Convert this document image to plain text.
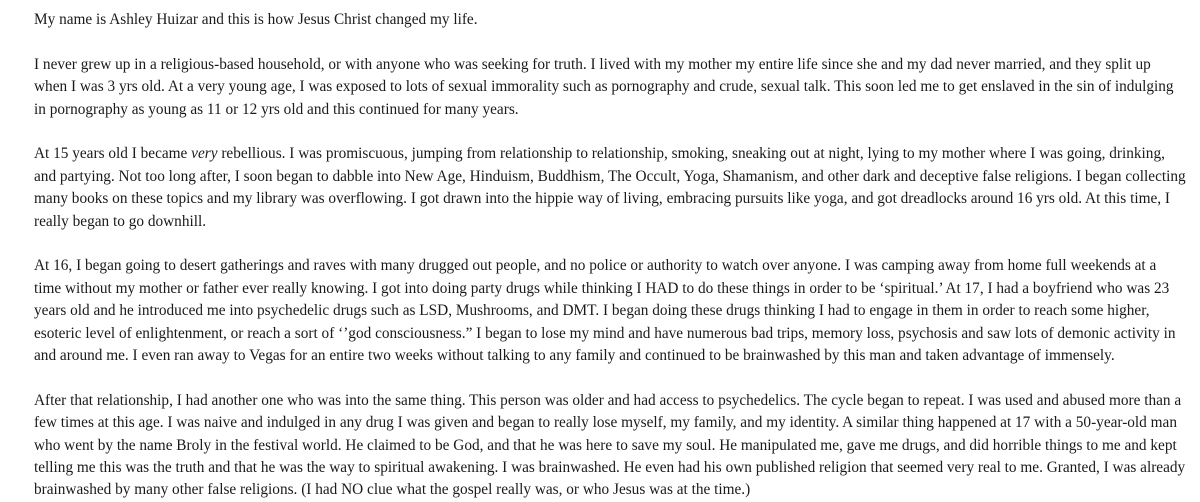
My name is Ashley Huizar and this is how Jesus Christ changed my life.

I never grew up in a religious-based household, or with anyone who was seeking for truth. I lived with my mother my entire life since she and my dad never married, and they split up when I was 3 yrs old. At a very young age, I was exposed to lots of sexual immorality such as pornography and crude, sexual talk. This soon led me to get enslaved in the sin of indulging in pornography as young as 11 or 12 yrs old and this continued for many years.

At 15 years old I became very rebellious. I was promiscuous, jumping from relationship to relationship, smoking, sneaking out at night, lying to my mother where I was going, drinking, and partying. Not too long after, I soon began to dabble into New Age, Hinduism, Buddhism, The Occult, Yoga, Shamanism, and other dark and deceptive false religions. I began collecting many books on these topics and my library was overflowing. I got drawn into the hippie way of living, embracing pursuits like yoga, and got dreadlocks around 16 yrs old. At this time, I really began to go downhill.

At 16, I began going to desert gatherings and raves with many drugged out people, and no police or authority to watch over anyone. I was camping away from home full weekends at a time without my mother or father ever really knowing. I got into doing party drugs while thinking I HAD to do these things in order to be ‘spiritual.’ At 17, I had a boyfriend who was 23 years old and he introduced me into psychedelic drugs such as LSD, Mushrooms, and DMT. I began doing these drugs thinking I had to engage in them in order to reach some higher, esoteric level of enlightenment, or reach a sort of ‘’god consciousness.” I began to lose my mind and have numerous bad trips, memory loss, psychosis and saw lots of demonic activity in and around me. I even ran away to Vegas for an entire two weeks without talking to any family and continued to be brainwashed by this man and taken advantage of immensely.

After that relationship, I had another one who was into the same thing. This person was older and had access to psychedelics. The cycle began to repeat. I was used and abused more than a few times at this age. I was naive and indulged in any drug I was given and began to really lose myself, my family, and my identity. A similar thing happened at 17 with a 50-year-old man who went by the name Broly in the festival world. He claimed to be God, and that he was here to save my soul. He manipulated me, gave me drugs, and did horrible things to me and kept telling me this was the truth and that he was the way to spiritual awakening. I was brainwashed. He even had his own published religion that seemed very real to me. Granted, I was already brainwashed by many other false religions. (I had NO clue what the gospel really was, or who Jesus was at the time.)
